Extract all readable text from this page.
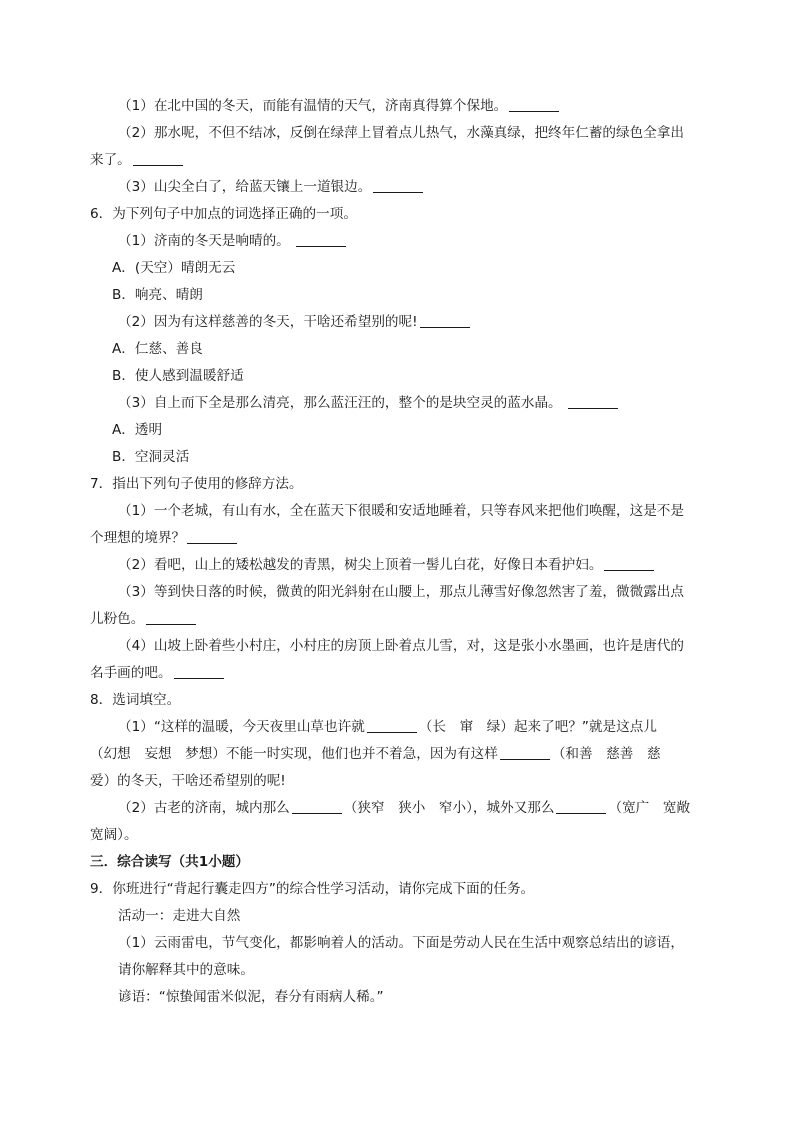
（1）在北中国的冬天，而能有温情的天气，济南真得算个保地。
（2）那水呢，不但不结冰，反倒在绿萍上冒着点儿热气，水藻真绿，把终年仁蓄的绿色全拿出
来了。
（3）山尖全白了，给蓝天镶上一道银边。
6．为下列句子中加点的词选择正确的一项。
（1）济南的冬天是响晴的。
A．(天空）晴朗无云
B．响亮、晴朗
（2）因为有这样慈善的冬天，干啥还希望别的呢!
A．仁慈、善良
B．使人感到温暖舒适
（3）自上而下全是那么清亮，那么蓝汪汪的，整个的是块空灵的蓝水晶。
A．透明
B．空洞灵活
7．指出下列句子使用的修辞方法。
（1）一个老城，有山有水，全在蓝天下很暖和安适地睡着，只等春风来把他们唤醒，这是不是
个理想的境界？
（2）看吧，山上的矮松越发的青黑，树尖上顶着一髻儿白花，好像日本看护妇。
（3）等到快日落的时候，微黄的阳光斜射在山腰上，那点儿薄雪好像忽然害了羞，微微露出点
儿粉色。
（4）山坡上卧着些小村庄，小村庄的房顶上卧着点儿雪，对，这是张小水墨画，也许是唐代的
名手画的吧。
8．选词填空。
（1）“这样的温暖，今天夜里山草也许就	（长　窜　绿）起来了吧？”就是这点儿
（幻想　妄想　梦想）不能一时实现，他们也并不着急，因为有这样	（和善　慈善　慈
爱）的冬天，干啥还希望别的呢!
（2）古老的济南，城内那么	（狭窄　狭小　窄小），城外又那么	（宽广　宽敞
宽阔）。
三．综合读写（共1小题）
9．你班进行“背起行囊走四方”的综合性学习活动，请你完成下面的任务。
活动一：走进大自然
（1）云雨雷电，节气变化，都影响着人的活动。下面是劳动人民在生活中观察总结出的谚语，
请你解释其中的意味。
谚语：“惊蛰闻雷米似泥，春分有雨病人稀。”
